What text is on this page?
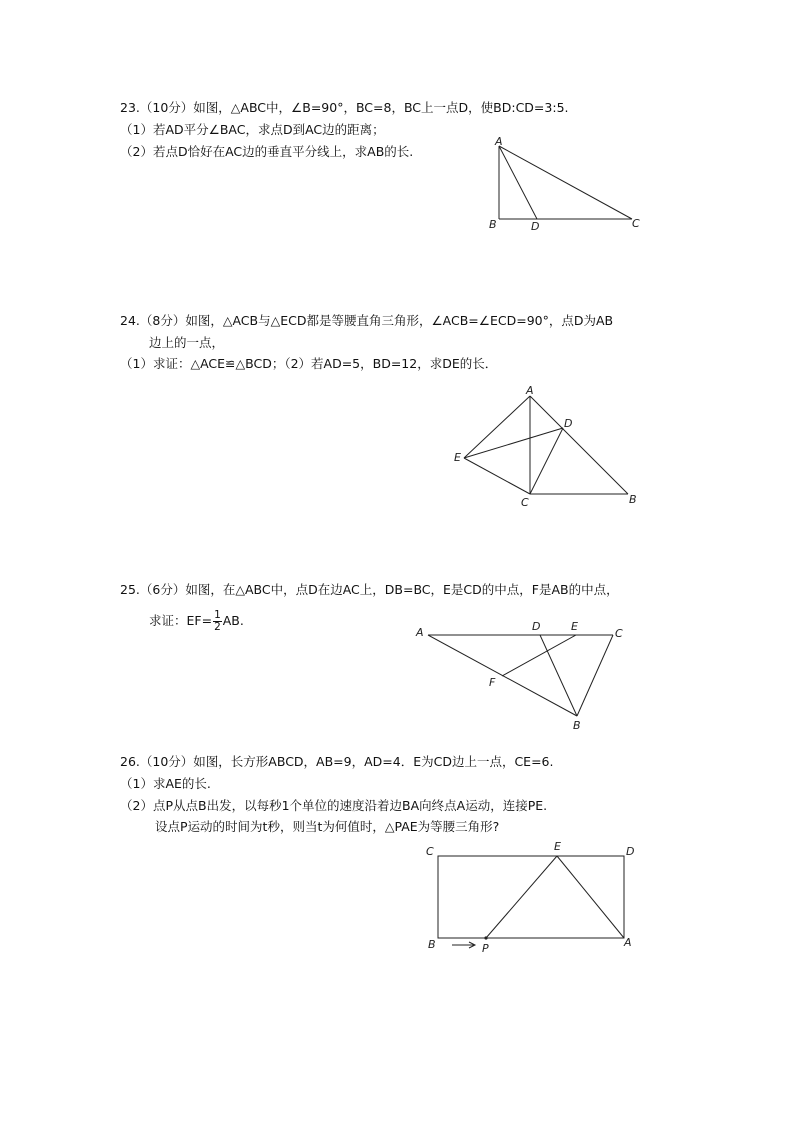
23.（10分）如图，△ABC中，∠B=90°，BC=8，BC上一点D，使BD:CD=3:5.
（1）若AD平分∠BAC，求点D到AC边的距离；
（2）若点D恰好在AC边的垂直平分线上，求AB的长.
A
B	D	C
24.（8分）如图，△ACB与△ECD都是等腰直角三角形，∠ACB=∠ECD=90°，点D为AB
边上的一点，
（1）求证：△ACE≌△BCD；（2）若AD=5，BD=12，求DE的长．
A
D
E
C	B
25.（6分）如图，在△ABC中，点D在边AC上，DB=BC，E是CD的中点，F是AB的中点，
求证：$EF= \frac{1}{2}$ AB.
A	D	E
C
F
B
26.（10分）如图，长方形ABCD，AB=9，AD=4．E为CD边上一点，CE=6.
（1）求AE的长.
（2）点P从点B出发，以每秒1个单位的速度沿着边BA向终点A运动，连接PE.
设点P运动的时间为t秒，则当t为何值时，△PAE为等腰三角形?
C	E	D
B	P	A
